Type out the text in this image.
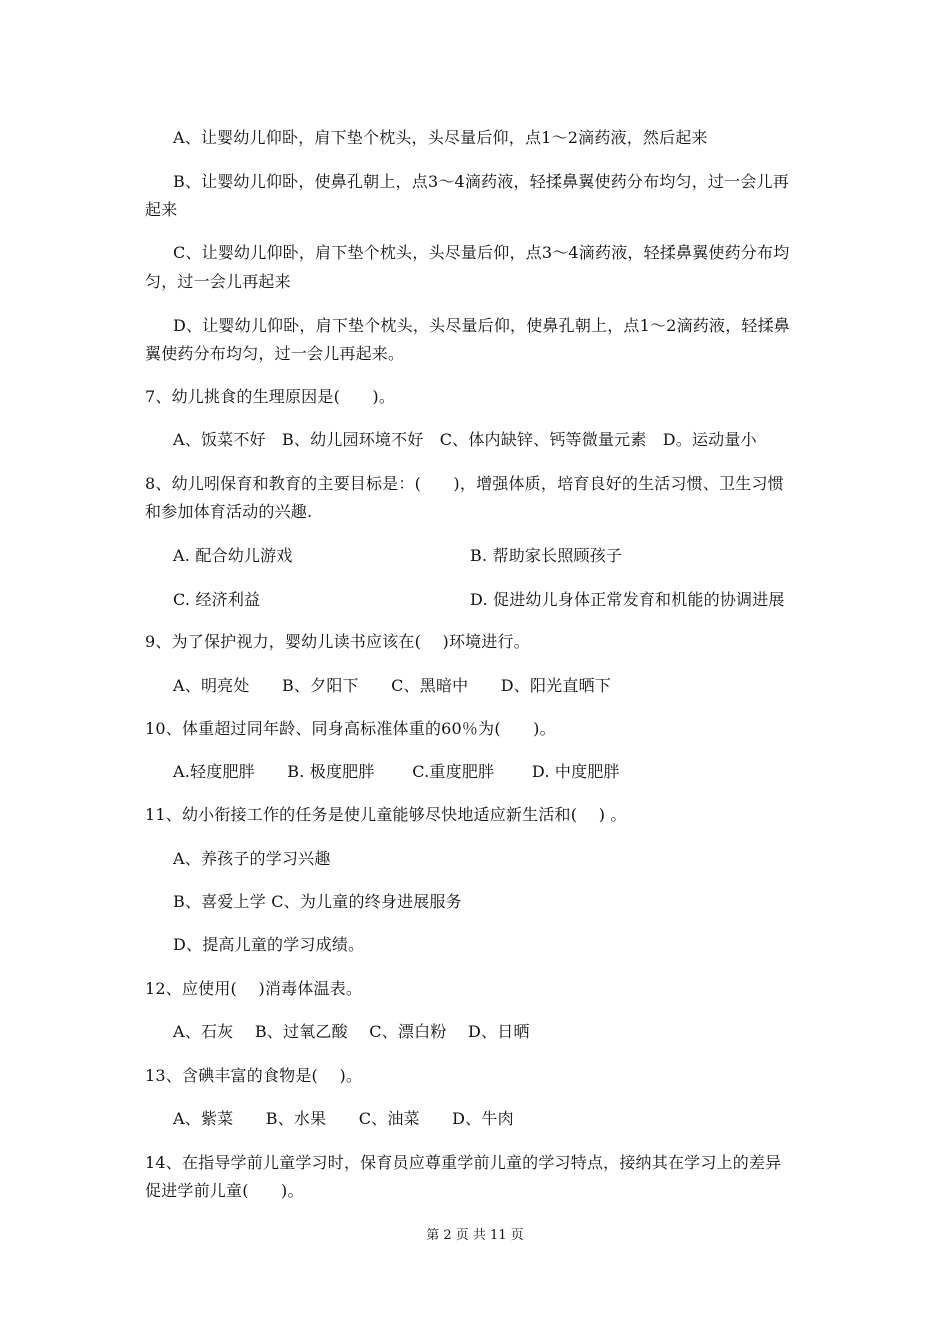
A、让婴幼儿仰卧，肩下垫个枕头，头尽量后仰，点1～2滴药液，然后起来
B、让婴幼儿仰卧，使鼻孔朝上，点3～4滴药液，轻揉鼻翼使药分布均匀，过一会儿再
起来
C、让婴幼儿仰卧，肩下垫个枕头，头尽量后仰，点3～4滴药液，轻揉鼻翼使药分布均
匀，过一会儿再起来
D、让婴幼儿仰卧，肩下垫个枕头，头尽量后仰，使鼻孔朝上，点1～2滴药液，轻揉鼻
翼使药分布均匀，过一会儿再起来。
7、幼儿挑食的生理原因是(　　)。
A、饭菜不好　B、幼儿园环境不好　C、体内缺锌、钙等微量元素　D。运动量小
8、幼儿吲保育和教育的主要目标是：(　　)，增强体质，培育良好的生活习惯、卫生习惯
和参加体育活动的兴趣.
A. 配合幼儿游戏	B. 帮助家长照顾孩子
C. 经济利益	D. 促进幼儿身体正常发育和机能的协调进展
9、为了保护视力，婴幼儿读书应该在(　 )环境进行。
A、明亮处　　B、夕阳下　　C、黑暗中　　D、阳光直晒下
10、体重超过同年龄、同身高标准体重的60％为(　　)。
A.轻度肥胖　　B. 极度肥胖　　 C.重度肥胖　　 D. 中度肥胖
11、幼小衔接工作的任务是使儿童能够尽快地适应新生活和(　 ) 。
A、养孩子的学习兴趣
B、喜爱上学 C、为儿童的终身进展服务
D、提高儿童的学习成绩。
12、应使用(　 )消毒体温表。
A、石灰　 B、过氧乙酸　 C、漂白粉　 D、日晒
13、含碘丰富的食物是(　 )。
A、紫菜　　B、水果　　C、油菜　　D、牛肉
14、在指导学前儿童学习时，保育员应尊重学前儿童的学习特点，接纳其在学习上的差异
促进学前儿童(　　)。
第 2 页 共 11 页
